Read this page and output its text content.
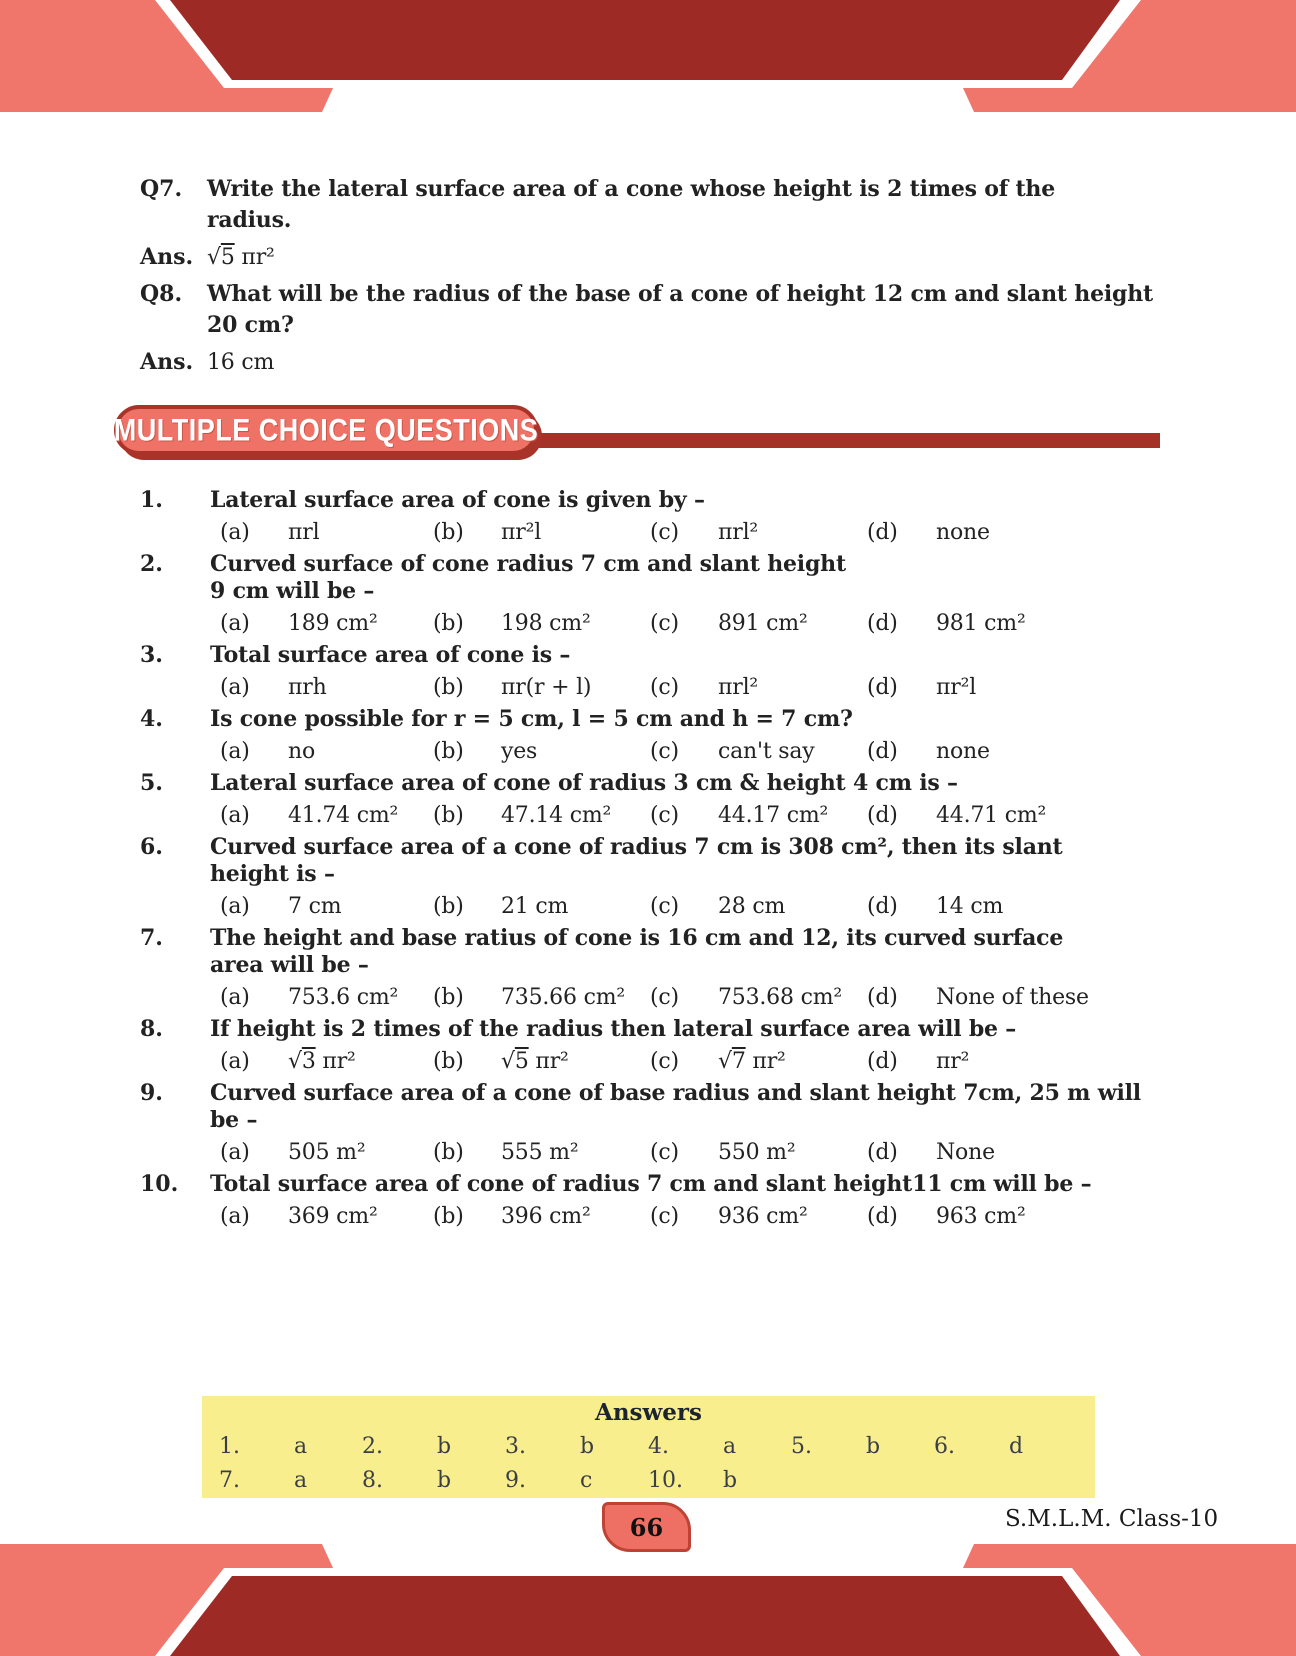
Q7.	Write the lateral surface area of a cone whose height is 2 times of the
radius.
Ans. √5 πr²
Q8.	What will be the radius of the base of a cone of height 12 cm and slant height
20 cm?
Ans. 16 cm
MULTIPLE CHOICE QUESTIONS
1.	Lateral surface area of cone is given by –
(a)	πrl	(b)	πr²l	(c)	πrl²	(d)	none
2.	Curved surface of cone radius 7 cm and slant height
9 cm will be –
(a)	189 cm²	(b)	198 cm²	(c)	891 cm²	(d)	981 cm²
3.	Total surface area of cone is –
(a)	πrh	(b)	πr(r + l)	(c)	πrl²	(d)	πr²l
4.	Is cone possible for r = 5 cm, l = 5 cm and h = 7 cm?
(a)	no	(b)	yes	(c)	can't say	(d)	none
5.	Lateral surface area of cone of radius 3 cm & height 4 cm is –
(a)	41.74 cm²	(b)	47.14 cm²	(c)	44.17 cm²	(d)	44.71 cm²
6.	Curved surface area of a cone of radius 7 cm is 308 cm², then its slant
height is –
(a)	7 cm	(b)	21 cm	(c)	28 cm	(d)	14 cm
7.	The height and base ratius of cone is 16 cm and 12, its curved surface
area will be –
(a)	753.6 cm²	(b)	735.66 cm²	(c)	753.68 cm²	(d)	None of these
8.	If height is 2 times of the radius then lateral surface area will be –
(a)	√3 πr²	(b)	√5 πr²	(c)	√7 πr²	(d)	πr²
9.	Curved surface area of a cone of base radius and slant height 7cm, 25 m will
be –
(a)	505 m²	(b)	555 m²	(c)	550 m²	(d)	None
10.	Total surface area of cone of radius 7 cm and slant height11 cm will be –
(a)	369 cm²	(b)	396 cm²	(c)	936 cm²	(d)	963 cm²
Answers
1.	a	2.	b	3.	b	4.	a	5.	b	6.	d
7.	a	8.	b	9.	c	10.	b
66	S.M.L.M. Class-10
